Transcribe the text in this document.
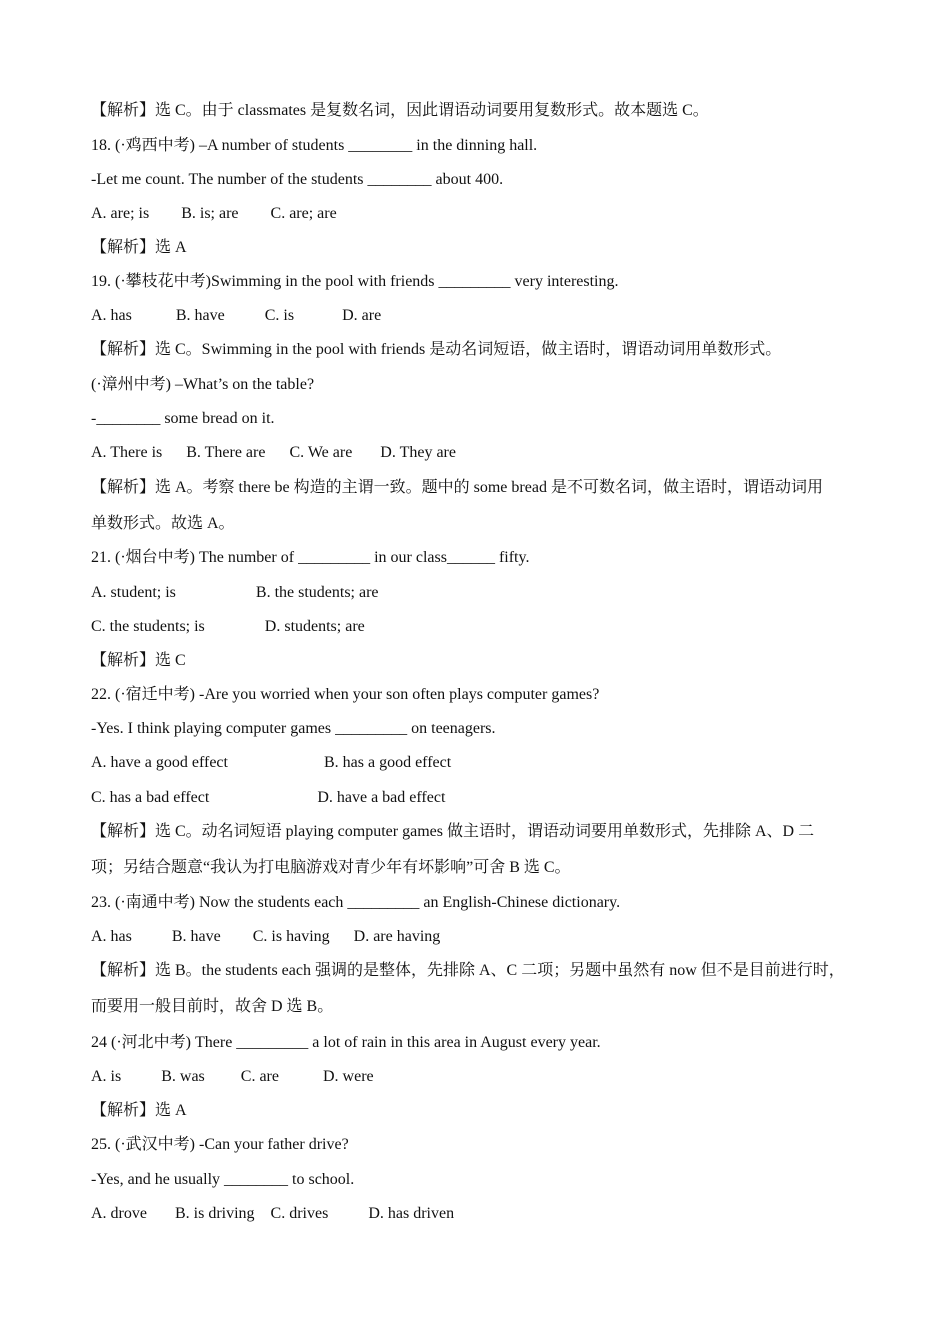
【解析】选 C。由于 classmates 是复数名词，因此谓语动词要用复数形式。故本题选 C。
18. (·鸡西中考) –A number of students ________ in the dinning hall.
-Let me count. The number of the students ________ about 400.
A. are; is        B. is; are        C. are; are
【解析】选 A
19. (·攀枝花中考)Swimming in the pool with friends _________ very interesting.
A. has           B. have          C. is            D. are
【解析】选 C。Swimming in the pool with friends 是动名词短语，做主语时，谓语动词用单数形式。
(·漳州中考) –What’s on the table?
-________ some bread on it.
A. There is      B. There are      C. We are       D. They are
【解析】选 A。考察 there be 构造的主谓一致。题中的 some bread 是不可数名词，做主语时，谓语动词用
单数形式。故选 A。
21. (·烟台中考) The number of _________ in our class______ fifty.
A. student; is                    B. the students; are
C. the students; is               D. students; are
【解析】选 C
22. (·宿迁中考) -Are you worried when your son often plays computer games?
-Yes. I think playing computer games _________ on teenagers.
A. have a good effect                        B. has a good effect
C. has a bad effect                           D. have a bad effect
【解析】选 C。动名词短语 playing computer games 做主语时，谓语动词要用单数形式，先排除 A、D 二
项；另结合题意“我认为打电脑游戏对青少年有坏影响”可舍 B 选 C。
23. (·南通中考) Now the students each _________ an English-Chinese dictionary.
A. has          B. have        C. is having      D. are having
【解析】选 B。the students each 强调的是整体，先排除 A、C 二项；另题中虽然有 now 但不是目前进行时，
而要用一般目前时，故舍 D 选 B。
24 (·河北中考) There _________ a lot of rain in this area in August every year.
A. is          B. was         C. are           D. were
【解析】选 A
25. (·武汉中考) -Can your father drive?
-Yes, and he usually ________ to school.
A. drove       B. is driving    C. drives          D. has driven
